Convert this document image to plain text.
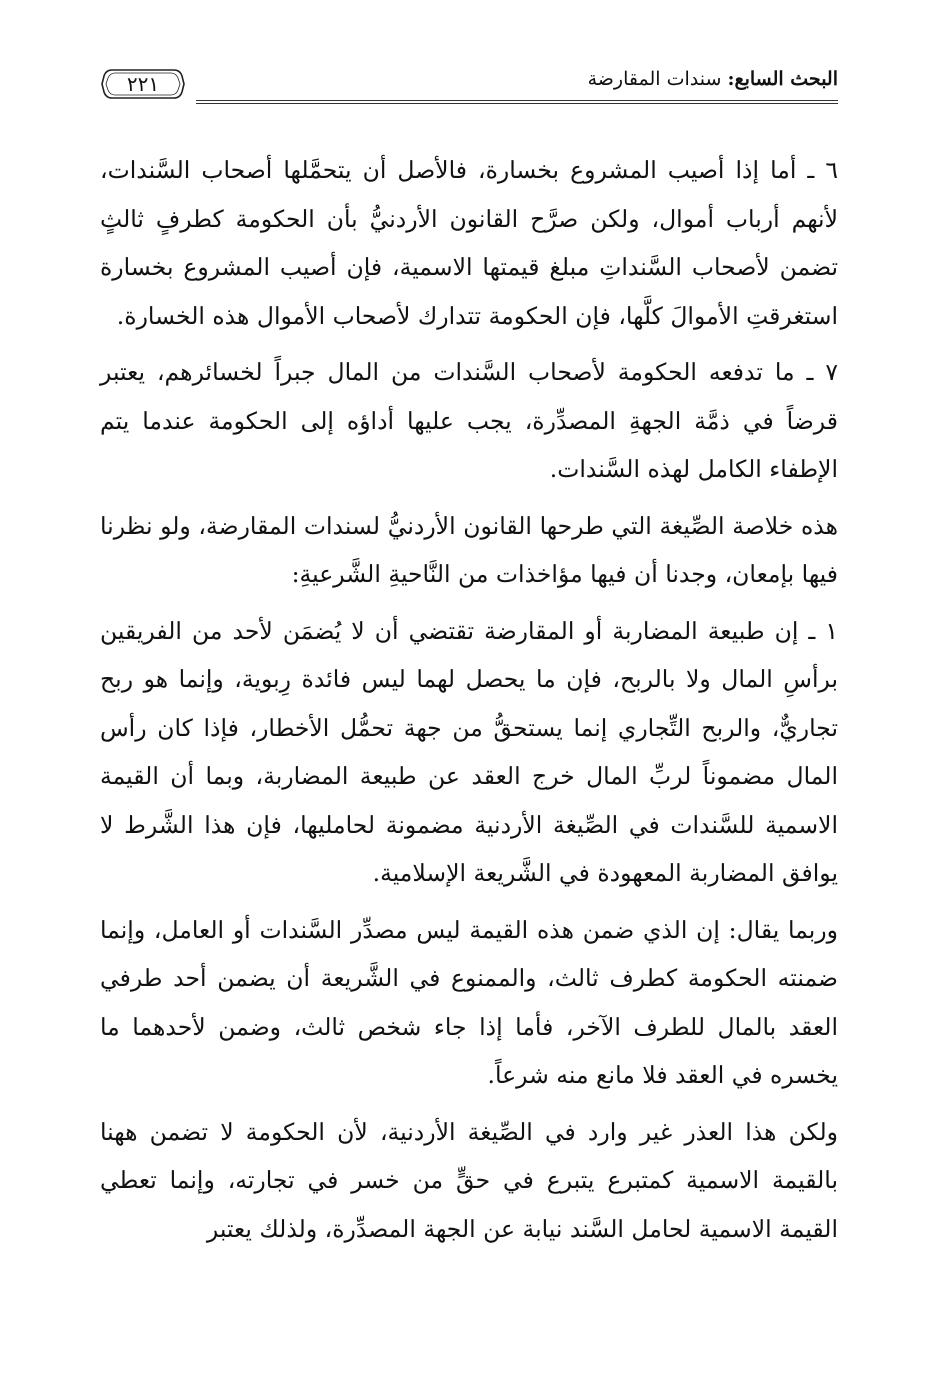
البحث السابع: سندات المقارضة
٢٢١

٦ ـ أما إذا أصيب المشروع بخسارة، فالأصل أن يتحمَّلها أصحاب السَّندات، لأنهم أرباب أموال، ولكن صرَّح القانون الأردنيُّ بأن الحكومة كطرفٍ ثالثٍ تضمن لأصحاب السَّنداتِ مبلغ قيمتها الاسمية، فإن أصيب المشروع بخسارة استغرقتِ الأموالَ كلَّها، فإن الحكومة تتدارك لأصحاب الأموال هذه الخسارة.

٧ ـ ما تدفعه الحكومة لأصحاب السَّندات من المال جبراً لخسائرهم، يعتبر قرضاً في ذمَّة الجهةِ المصدِّرة، يجب عليها أداؤه إلى الحكومة عندما يتم الإطفاء الكامل لهذه السَّندات.

هذه خلاصة الصِّيغة التي طرحها القانون الأردنيُّ لسندات المقارضة، ولو نظرنا فيها بإمعان، وجدنا أن فيها مؤاخذات من النَّاحيةِ الشَّرعيةِ:

١ ـ إن طبيعة المضاربة أو المقارضة تقتضي أن لا يُضمَن لأحد من الفريقين برأسِ المال ولا بالربح، فإن ما يحصل لهما ليس فائدة رِبوية، وإنما هو ربح تجاريٌّ، والربح التِّجاري إنما يستحقُّ من جهة تحمُّل الأخطار، فإذا كان رأس المال مضموناً لربِّ المال خرج العقد عن طبيعة المضاربة، وبما أن القيمة الاسمية للسَّندات في الصِّيغة الأردنية مضمونة لحامليها، فإن هذا الشَّرط لا يوافق المضاربة المعهودة في الشَّريعة الإسلامية.

وربما يقال: إن الذي ضمن هذه القيمة ليس مصدِّر السَّندات أو العامل، وإنما ضمنته الحكومة كطرف ثالث، والممنوع في الشَّريعة أن يضمن أحد طرفي العقد بالمال للطرف الآخر، فأما إذا جاء شخص ثالث، وضمن لأحدهما ما يخسره في العقد فلا مانع منه شرعاً.

ولكن هذا العذر غير وارد في الصِّيغة الأردنية، لأن الحكومة لا تضمن ههنا بالقيمة الاسمية كمتبرع يتبرع في حقٍّ من خسر في تجارته، وإنما تعطي القيمة الاسمية لحامل السَّند نيابة عن الجهة المصدِّرة، ولذلك يعتبر
